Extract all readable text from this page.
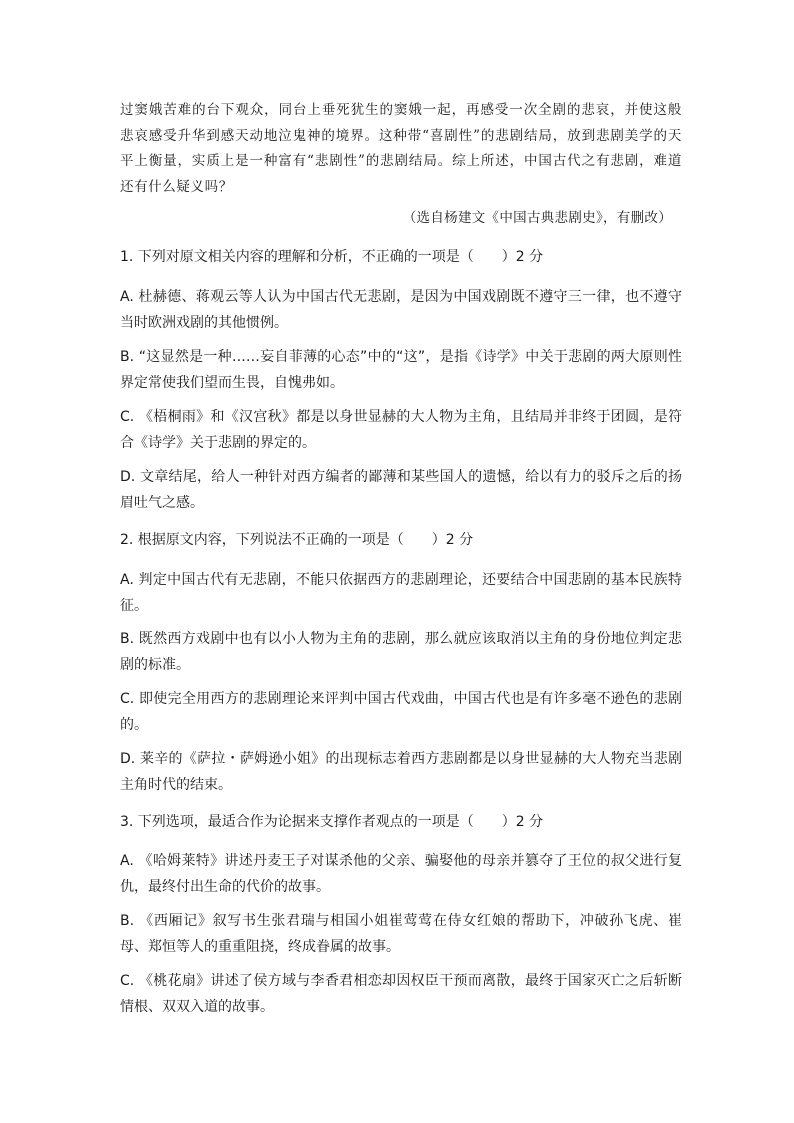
过窦娥苦难的台下观众，同台上垂死犹生的窦娥一起，再感受一次全剧的悲哀，并使这般悲哀感受升华到感天动地泣鬼神的境界。这种带“喜剧性”的悲剧结局，放到悲剧美学的天平上衡量，实质上是一种富有“悲剧性”的悲剧结局。综上所述，中国古代之有悲剧，难道还有什么疑义吗？
（选自杨建文《中国古典悲剧史》，有删改）
1. 下列对原文相关内容的理解和分析，不正确的一项是（　　）2 分
A. 杜赫德、蒋观云等人认为中国古代无悲剧，是因为中国戏剧既不遵守三一律，也不遵守当时欧洲戏剧的其他惯例。
B. “这显然是一种……妄自菲薄的心态”中的“这”，是指《诗学》中关于悲剧的两大原则性界定常使我们望而生畏，自愧弗如。
C. 《梧桐雨》和《汉宫秋》都是以身世显赫的大人物为主角，且结局并非终于团圆，是符合《诗学》关于悲剧的界定的。
D. 文章结尾，给人一种针对西方编者的鄙薄和某些国人的遗憾，给以有力的驳斥之后的扬眉吐气之感。
2. 根据原文内容，下列说法不正确的一项是（　　）2 分
A. 判定中国古代有无悲剧，不能只依据西方的悲剧理论，还要结合中国悲剧的基本民族特征。
B. 既然西方戏剧中也有以小人物为主角的悲剧，那么就应该取消以主角的身份地位判定悲剧的标准。
C. 即使完全用西方的悲剧理论来评判中国古代戏曲，中国古代也是有许多毫不逊色的悲剧的。
D. 莱辛的《萨拉・萨姆逊小姐》的出现标志着西方悲剧都是以身世显赫的大人物充当悲剧主角时代的结束。
3. 下列选项，最适合作为论据来支撑作者观点的一项是（　　）2 分
A. 《哈姆莱特》讲述丹麦王子对谋杀他的父亲、骗娶他的母亲并篡夺了王位的叔父进行复仇，最终付出生命的代价的故事。
B. 《西厢记》叙写书生张君瑞与相国小姐崔莺莺在侍女红娘的帮助下，冲破孙飞虎、崔母、郑恒等人的重重阻挠，终成眷属的故事。
C. 《桃花扇》讲述了侯方域与李香君相恋却因权臣干预而离散，最终于国家灭亡之后斩断情根、双双入道的故事。
